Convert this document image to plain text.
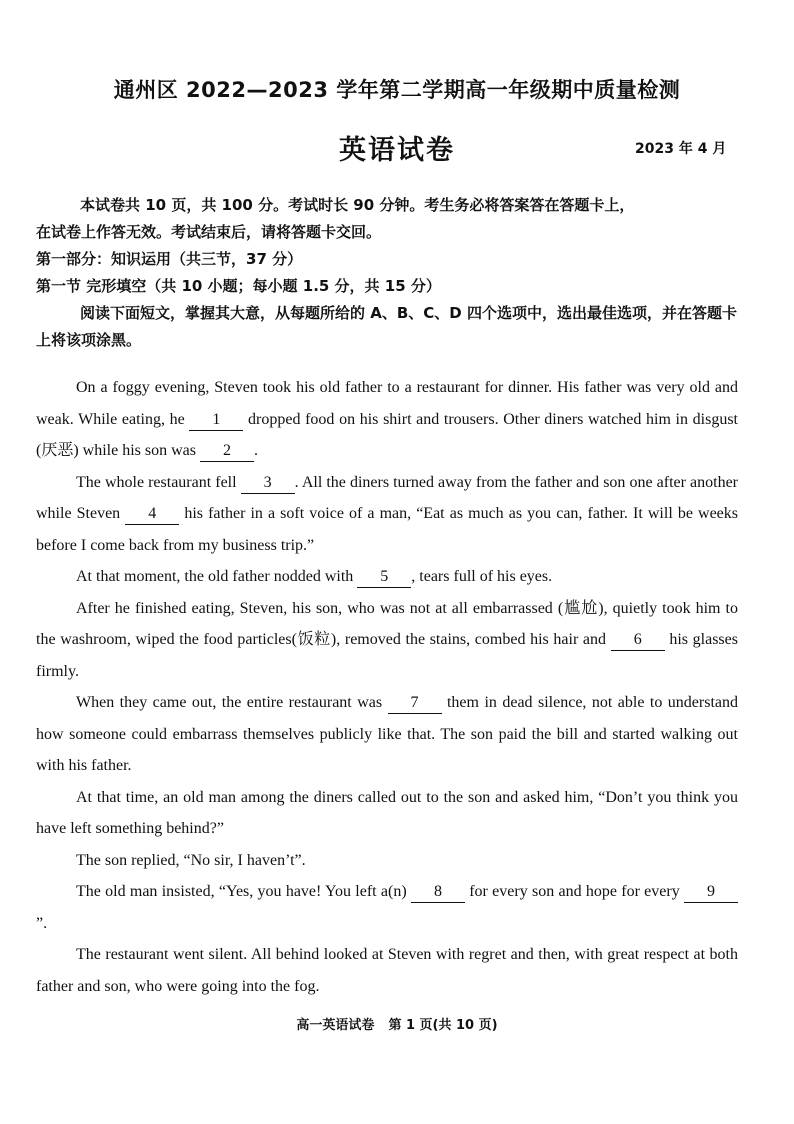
通州区 2022—2023 学年第二学期高一年级期中质量检测
英语试卷	2023 年 4 月

本试卷共 10 页，共 100 分。考试时长 90 分钟。考生务必将答案答在答题卡上，

在试卷上作答无效。考试结束后，请将答题卡交回。

第一部分：知识运用（共三节，37 分）

第一节 完形填空（共 10 小题；每小题 1.5 分，共 15 分）

阅读下面短文，掌握其大意，从每题所给的 A、B、C、D 四个选项中，选出最佳选项，并在答题卡上将该项涂黑。

On a foggy evening, Steven took his old father to a restaurant for dinner. His father was very old and weak. While eating, he 1 dropped food on his shirt and trousers. Other diners watched him in disgust (厌恶) while his son was 2 .

The whole restaurant fell 3 . All the diners turned away from the father and son one after another while Steven 4 his father in a soft voice of a man, “Eat as much as you can, father. It will be weeks before I come back from my business trip.”

At that moment, the old father nodded with 5 , tears full of his eyes.

After he finished eating, Steven, his son, who was not at all embarrassed (尴尬), quietly took him to the washroom, wiped the food particles(饭粒), removed the stains, combed his hair and 6 his glasses firmly.

When they came out, the entire restaurant was 7 them in dead silence, not able to understand how someone could embarrass themselves publicly like that. The son paid the bill and started walking out with his father.

At that time, an old man among the diners called out to the son and asked him, “Don’t you think you have left something behind?”

The son replied, “No sir, I haven’t”.

The old man insisted, “Yes, you have! You left a(n) 8 for every son and hope for every 9”.

The restaurant went silent. All behind looked at Steven with regret and then, with great respect at both father and son, who were going into the fog.

高一英语试卷 第 1 页(共 10 页)
